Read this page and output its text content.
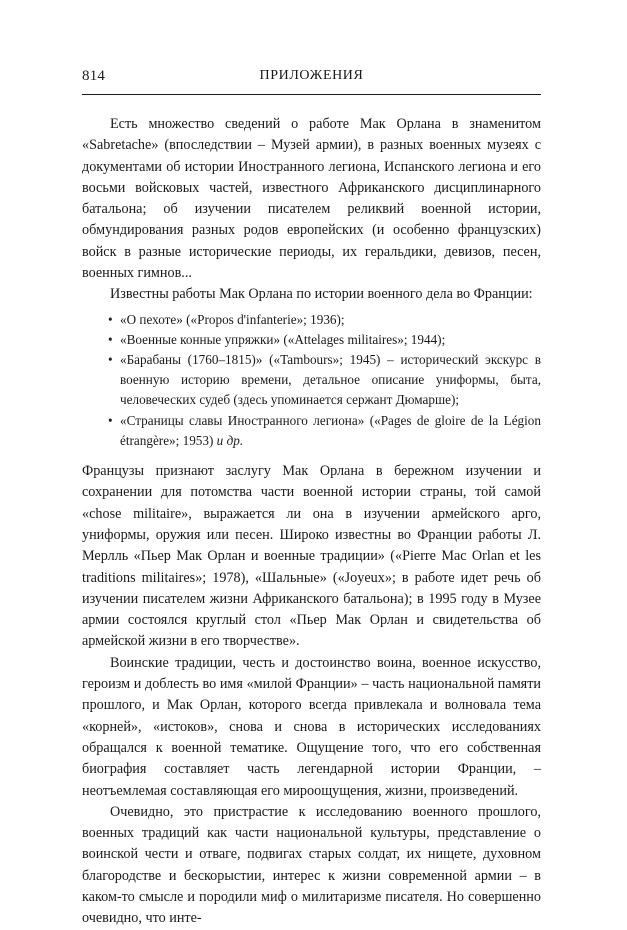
814	ПРИЛОЖЕНИЯ

Есть множество сведений о работе Мак Орлана в знаменитом «Sabretache» (впоследствии – Музей армии), в разных военных музеях с документами об истории Иностранного легиона, Испанского легиона и его восьми войсковых частей, известного Африканского дисциплинарного батальона; об изучении писателем реликвий военной истории, обмундирования разных родов европейских (и особенно французских) войск в разные исторические периоды, их геральдики, девизов, песен, военных гимнов...

Известны работы Мак Орлана по истории военного дела во Франции:

• «О пехоте» («Propos d'infanterie»; 1936);
• «Военные конные упряжки» («Attelages militaires»; 1944);
• «Барабаны (1760–1815)» («Tambours»; 1945) – исторический экскурс в военную историю времени, детальное описание униформы, быта, человеческих судеб (здесь упоминается сержант Дюмарше);
• «Страницы славы Иностранного легиона» («Pages de gloire de la Légion étrangère»; 1953) и др.

Французы признают заслугу Мак Орлана в бережном изучении и сохранении для потомства части военной истории страны, той самой «chose militaire», выражается ли она в изучении армейского арго, униформы, оружия или песен. Широко известны во Франции работы Л. Мерлль «Пьер Мак Орлан и военные традиции» («Pierre Mac Orlan et les traditions militaires»; 1978), «Шальные» («Joyeux»; в работе идет речь об изучении писателем жизни Африканского батальона); в 1995 году в Музее армии состоялся круглый стол «Пьер Мак Орлан и свидетельства об армейской жизни в его творчестве».

Воинские традиции, честь и достоинство воина, военное искусство, героизм и доблесть во имя «милой Франции» – часть национальной памяти прошлого, и Мак Орлан, которого всегда привлекала и волновала тема «корней», «истоков», снова и снова в исторических исследованиях обращался к военной тематике. Ощущение того, что его собственная биография составляет часть легендарной истории Франции, – неотъемлемая составляющая его мироощущения, жизни, произведений.

Очевидно, это пристрастие к исследованию военного прошлого, военных традиций как части национальной культуры, представление о воинской чести и отваге, подвигах старых солдат, их нищете, духовном благородстве и бескорыстии, интерес к жизни современной армии – в каком-то смысле и породили миф о милитаризме писателя. Но совершенно очевидно, что инте-
